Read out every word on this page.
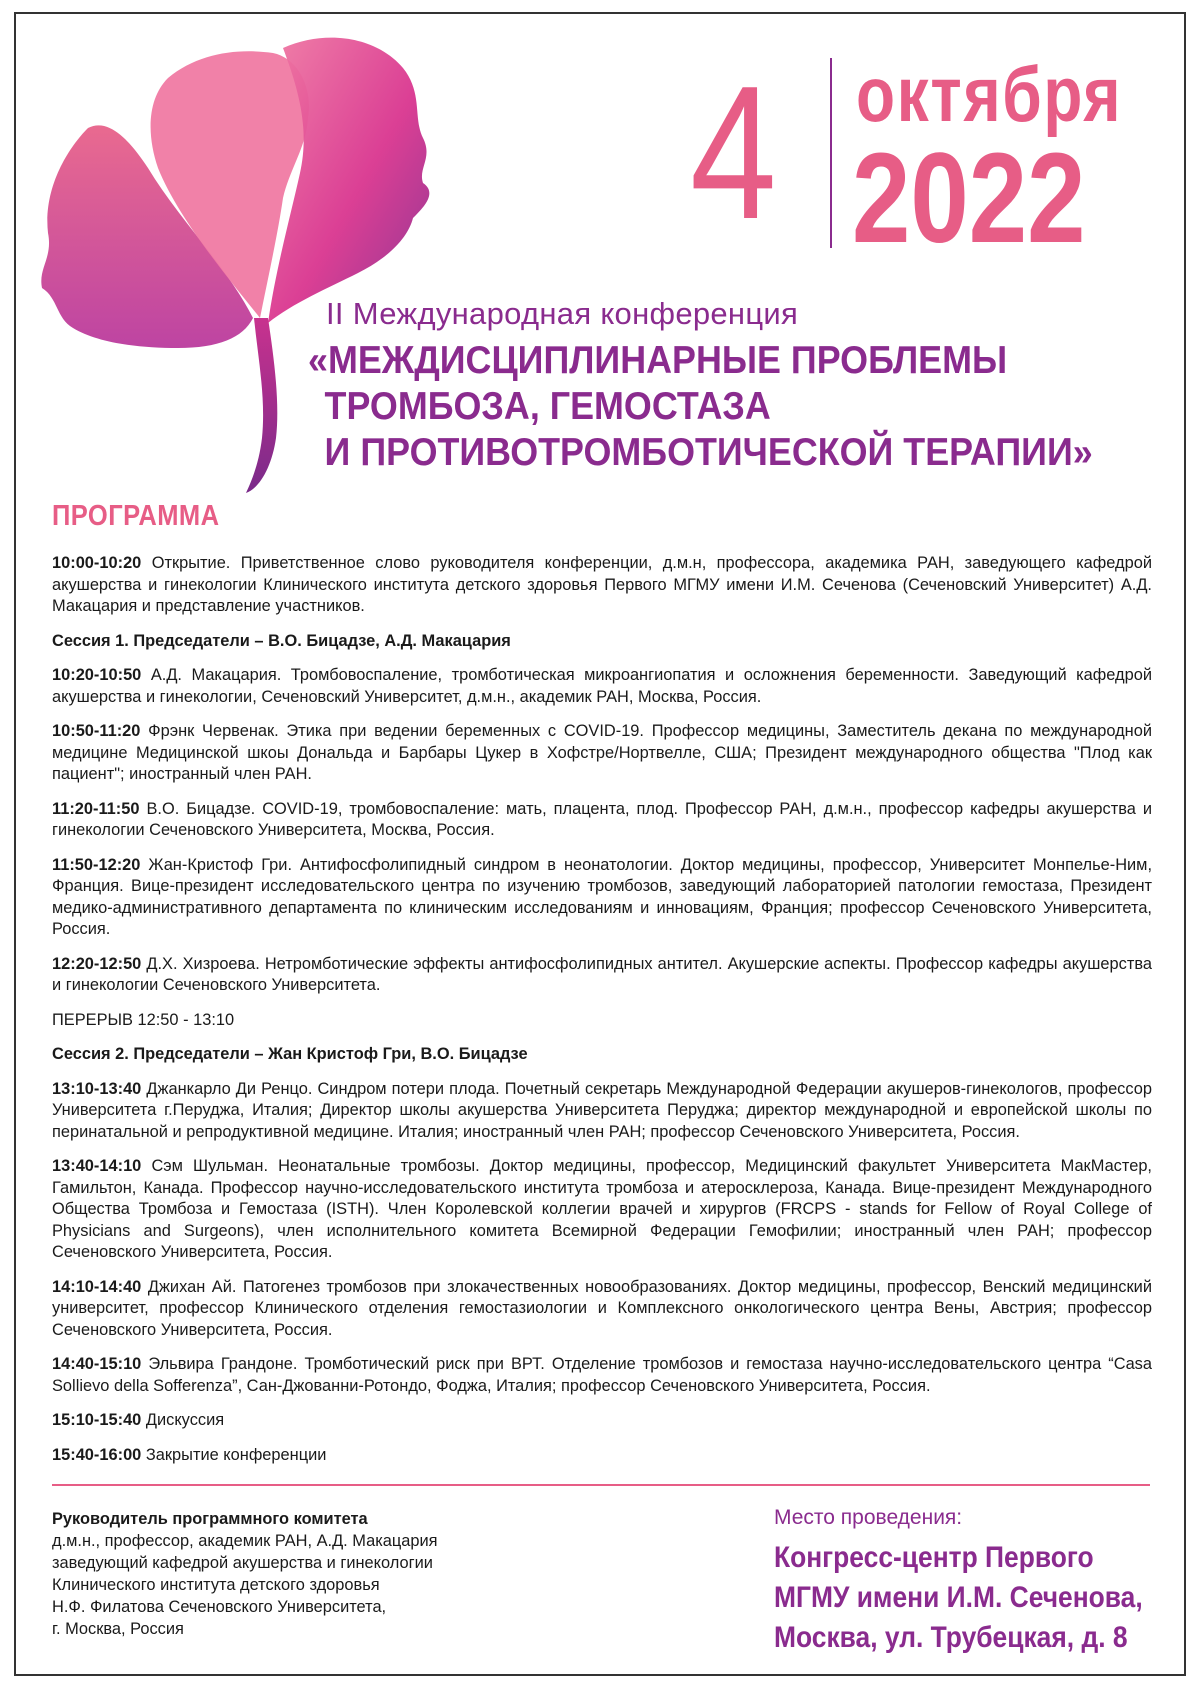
4 октября
2022
II Международная конференция
«МЕЖДИСЦИПЛИНАРНЫЕ ПРОБЛЕМЫ
ТРОМБОЗА, ГЕМОСТАЗА
И ПРОТИВОТРОМБОТИЧЕСКОЙ ТЕРАПИИ»
ПРОГРАММА
10:00-10:20 Открытие. Приветственное слово руководителя конференции, д.м.н, профессора, академика РАН, заведующего кафедрой акушерства и гинекологии Клинического института детского здоровья Первого МГМУ имени И.М. Сеченова (Сеченовский Университет) А.Д. Макацария и представление участников.
Сессия 1. Председатели – В.О. Бицадзе, А.Д. Макацария
10:20-10:50 А.Д. Макацария. Тромбовоспаление, тромботическая микроангиопатия и осложнения беременности. Заведующий кафедрой акушерства и гинекологии, Сеченовский Университет, д.м.н., академик РАН, Москва, Россия.
10:50-11:20 Фрэнк Червенак. Этика при ведении беременных с COVID-19. Профессор медицины, Заместитель декана по международной медицине Медицинской шкоы Дональда и Барбары Цукер в Хофстре/Нортвелле, США; Президент международного общества "Плод как пациент"; иностранный член РАН.
11:20-11:50 В.О. Бицадзе. COVID-19, тромбовоспаление: мать, плацента, плод. Профессор РАН, д.м.н., профессор кафедры акушерства и гинекологии Сеченовского Университета, Москва, Россия.
11:50-12:20 Жан-Кристоф Гри. Антифосфолипидный синдром в неонатологии. Доктор медицины, профессор, Университет Монпелье-Ним, Франция. Вице-президент исследовательского центра по изучению тромбозов, заведующий лабораторией патологии гемостаза, Президент медико-административного департамента по клиническим исследованиям и инновациям, Франция; профессор Сеченовского Университета, Россия.
12:20-12:50 Д.Х. Хизроева. Нетромботические эффекты антифосфолипидных антител. Акушерские аспекты. Профессор кафедры акушерства и гинекологии Сеченовского Университета.
ПЕРЕРЫВ 12:50 - 13:10
Сессия 2. Председатели – Жан Кристоф Гри, В.О. Бицадзе
13:10-13:40 Джанкарло Ди Ренцо. Синдром потери плода. Почетный секретарь Международной Федерации акушеров-гинекологов, профессор Университета г.Перуджа, Италия; Директор школы акушерства Университета Перуджа; директор международной и европейской школы по перинатальной и репродуктивной медицине. Италия; иностранный член РАН; профессор Сеченовского Университета, Россия.
13:40-14:10 Сэм Шульман. Неонатальные тромбозы. Доктор медицины, профессор, Медицинский факультет Университета МакМастер, Гамильтон, Канада. Профессор научно-исследовательского института тромбоза и атеросклероза, Канада. Вице-президент Международного Общества Тромбоза и Гемостаза (ISTH). Член Королевской коллегии врачей и хирургов (FRCPS - stands for Fellow of Royal College of Physicians and Surgeons), член исполнительного комитета Всемирной Федерации Гемофилии; иностранный член РАН; профессор Сеченовского Университета, Россия.
14:10-14:40 Джихан Ай. Патогенез тромбозов при злокачественных новообразованиях. Доктор медицины, профессор, Венский медицинский университет, профессор Клинического отделения гемостазиологии и Комплексного онкологического центра Вены, Австрия; профессор Сеченовского Университета, Россия.
14:40-15:10 Эльвира Грандоне. Тромботический риск при ВРТ. Отделение тромбозов и гемостаза научно-исследовательского центра “Casa Sollievo della Sofferenza”, Сан-Джованни-Ротондо, Фоджа, Италия; профессор Сеченовского Университета, Россия.
15:10-15:40 Дискуссия
15:40-16:00 Закрытие конференции
Руководитель программного комитета
д.м.н., профессор, академик РАН, А.Д. Макацария
заведующий кафедрой акушерства и гинекологии
Клинического института детского здоровья
Н.Ф. Филатова Сеченовского Университета,
г. Москва, Россия
Место проведения:
Конгресс-центр Первого
МГМУ имени И.М. Сеченова,
Москва, ул. Трубецкая, д. 8
